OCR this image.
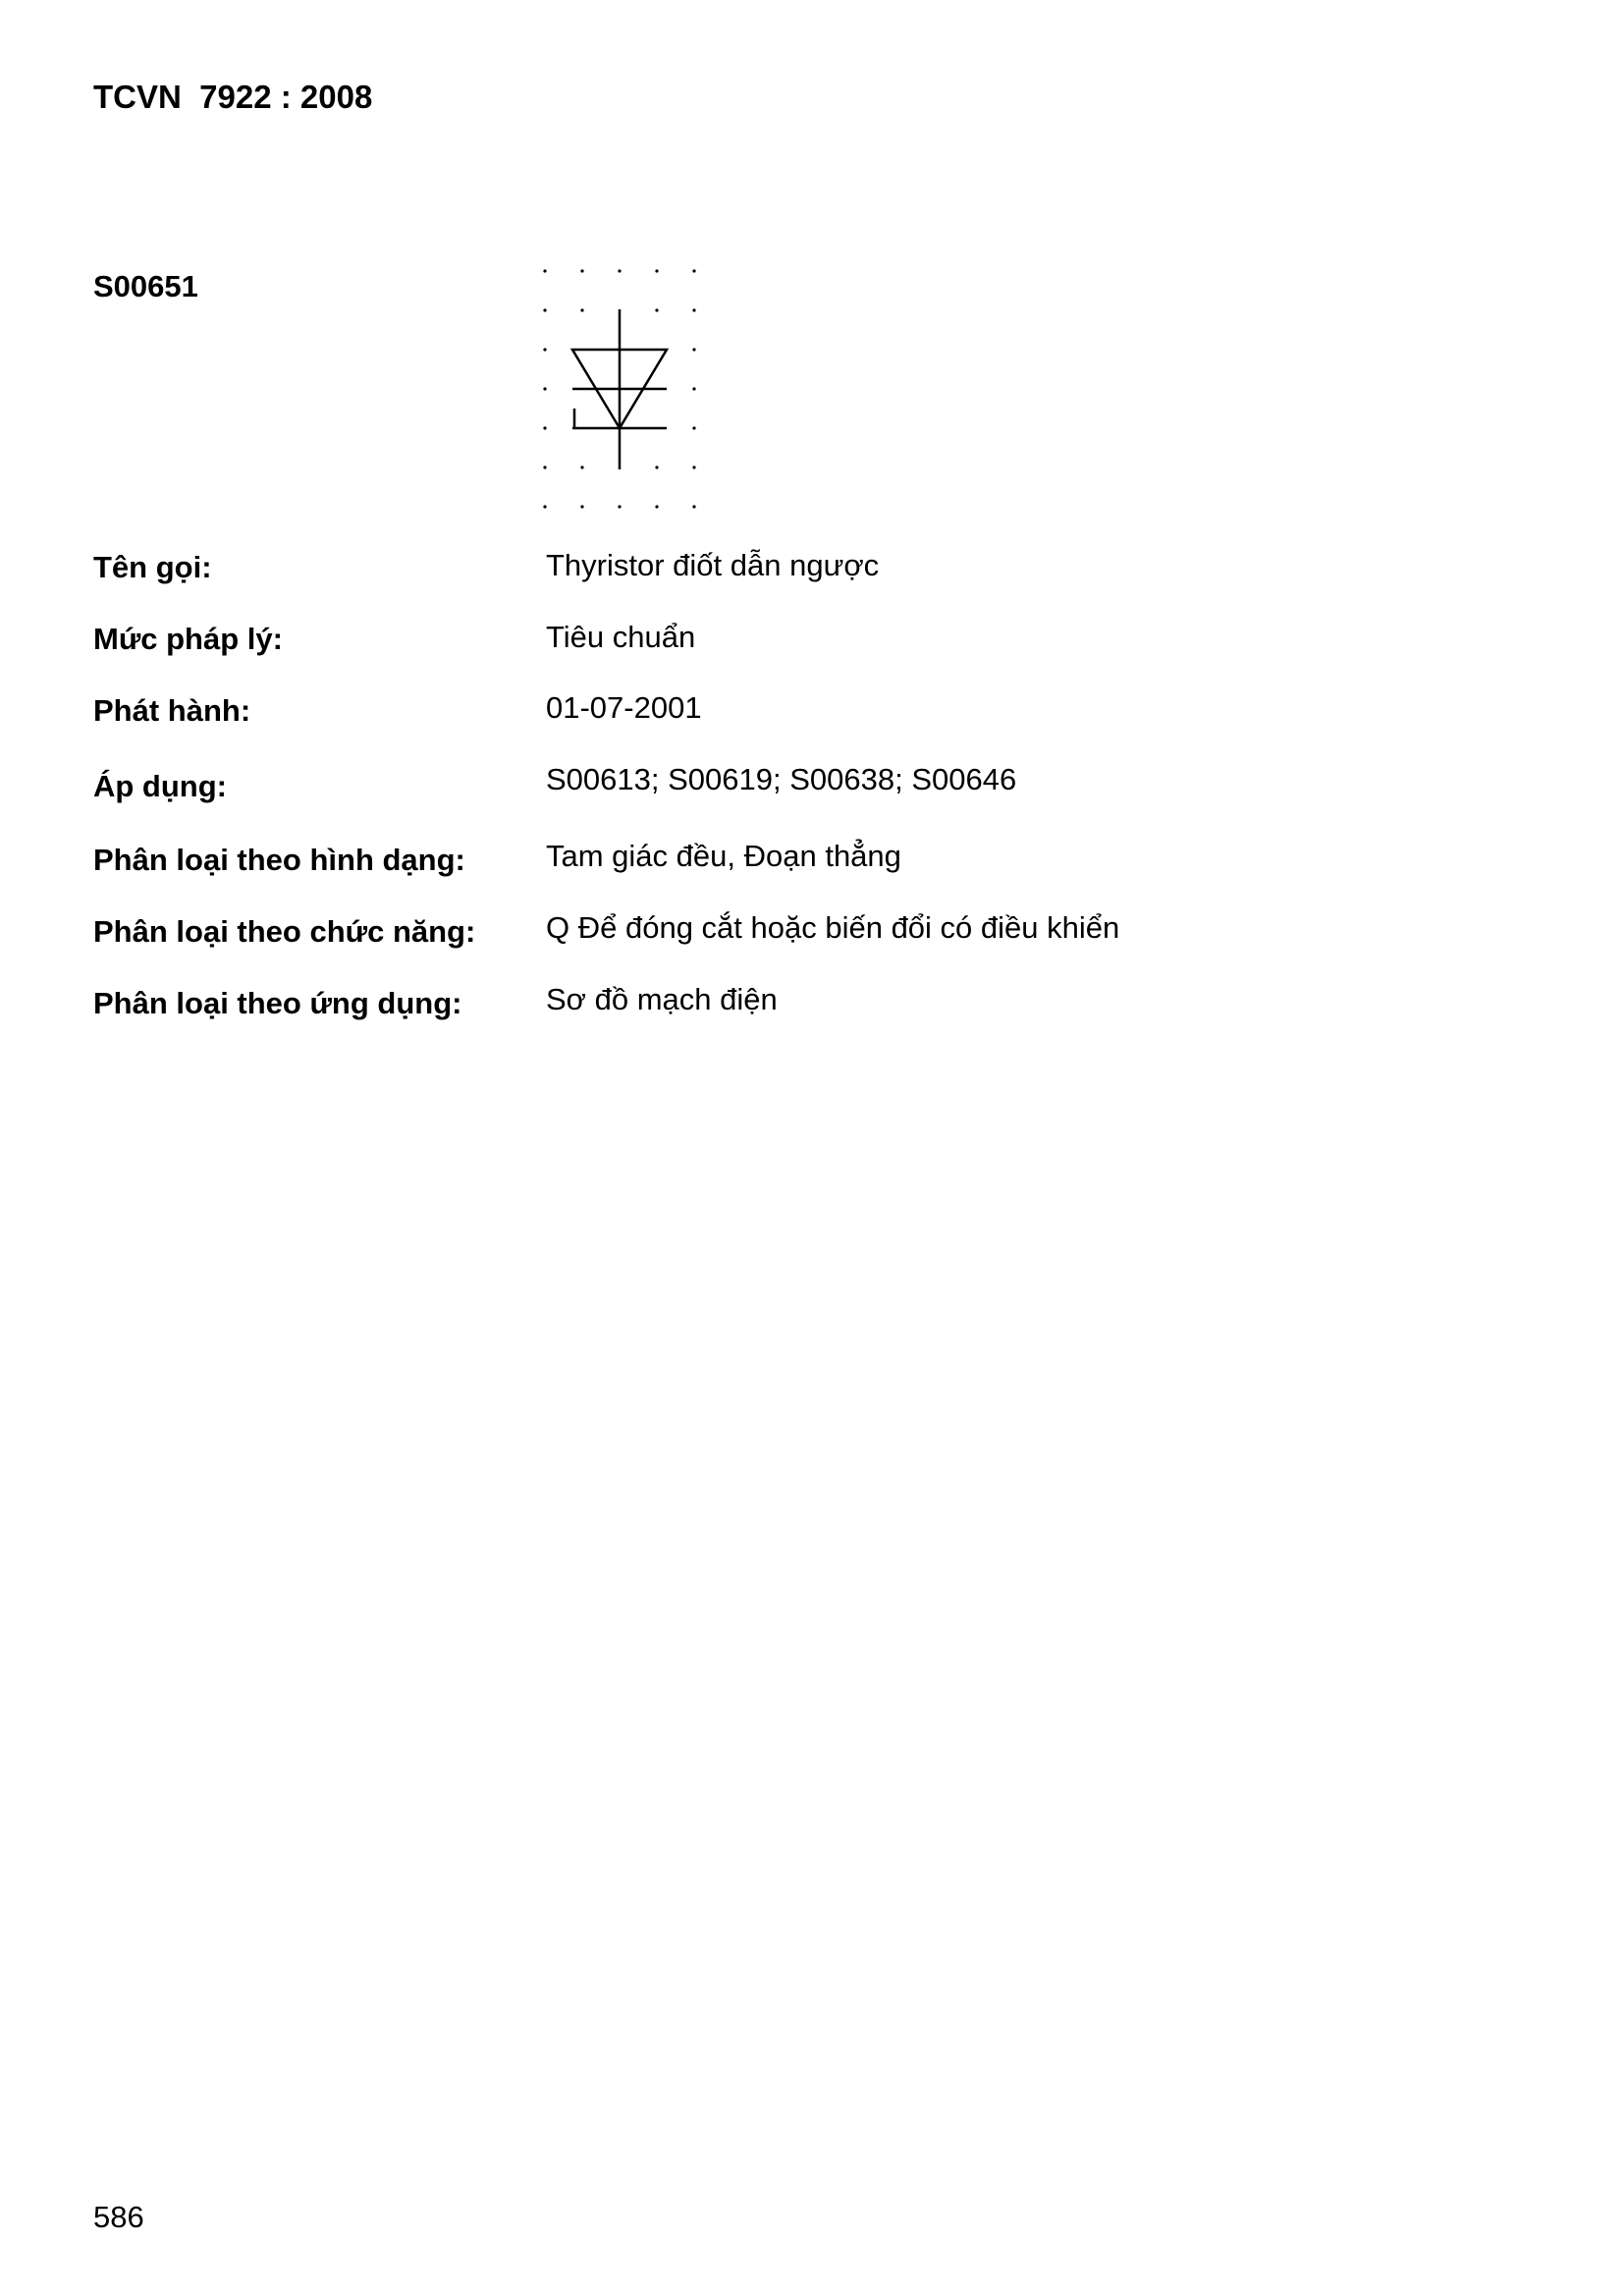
TCVN  7922 : 2008
S00651
Tên gọi:	Thyristor điốt dẫn ngược
Mức pháp lý:	Tiêu chuẩn
Phát hành:	01-07-2001
Áp dụng:	S00613; S00619; S00638; S00646
Phân loại theo hình dạng:	Tam giác đều, Đoạn thẳng
Phân loại theo chức năng: Q Để đóng cắt hoặc biến đổi có điều khiển
Phân loại theo ứng dụng:	Sơ đồ mạch điện
586
